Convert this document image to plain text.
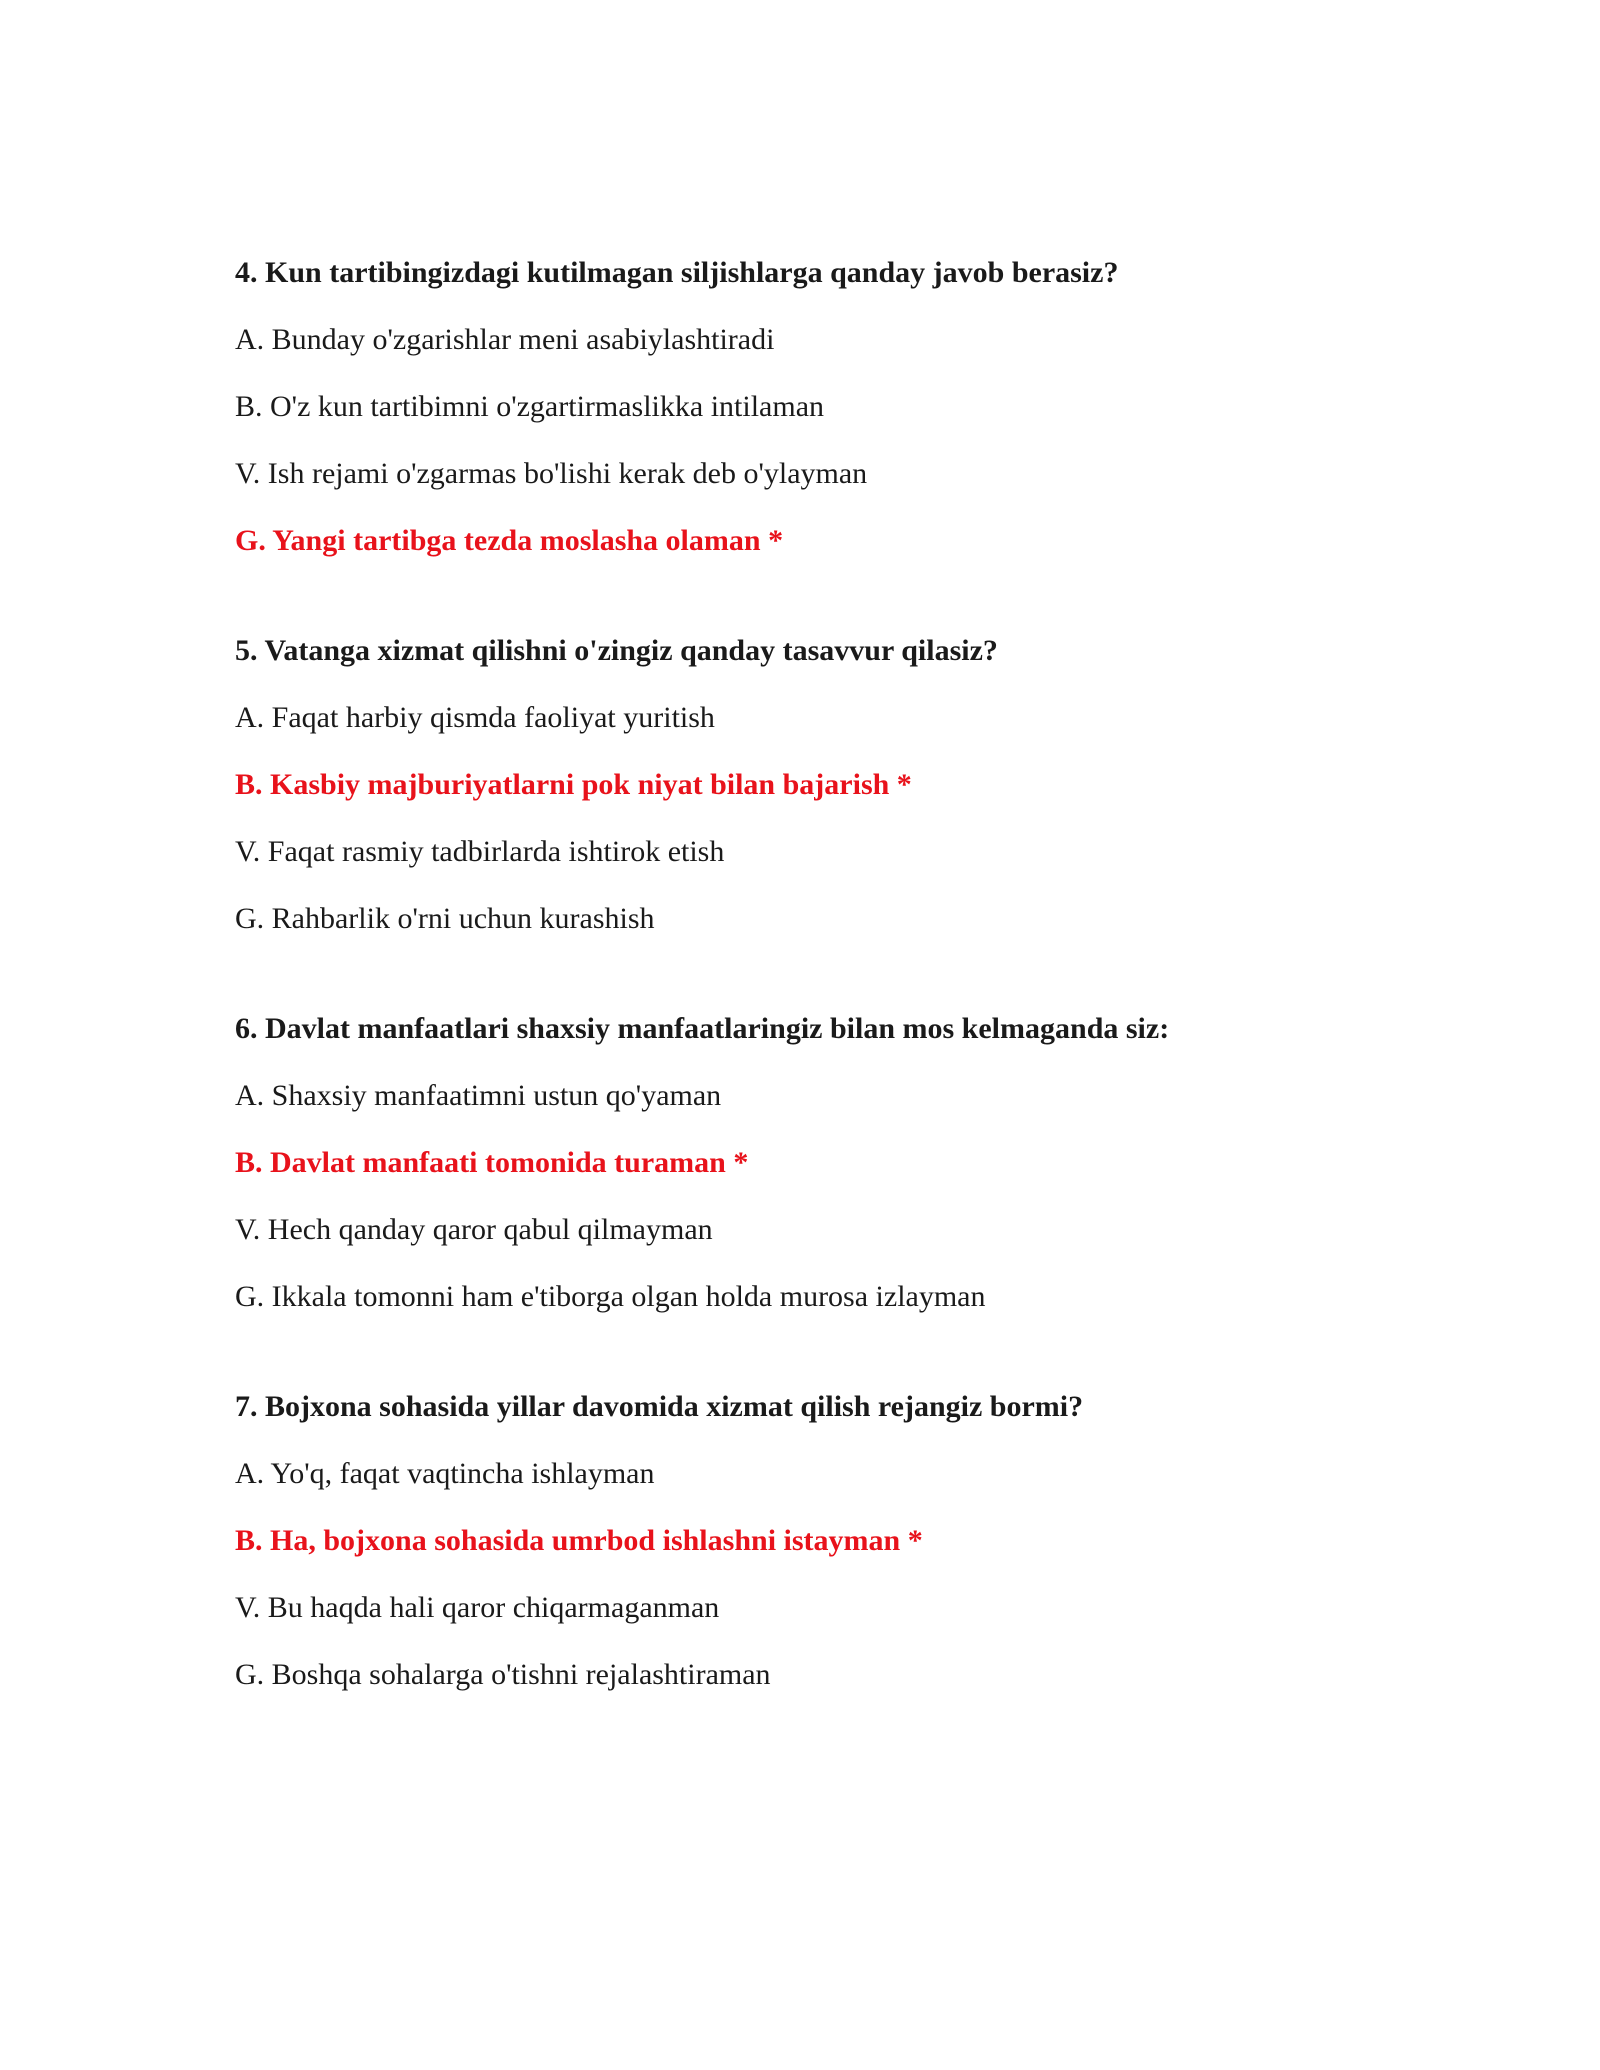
4. Kun tartibingizdagi kutilmagan siljishlarga qanday javob berasiz?

A. Bunday o'zgarishlar meni asabiylashtiradi

B. O'z kun tartibimni o'zgartirmaslikka intilaman

V. Ish rejami o'zgarmas bo'lishi kerak deb o'ylayman

G. Yangi tartibga tezda moslasha olaman *

5. Vatanga xizmat qilishni o'zingiz qanday tasavvur qilasiz?

A. Faqat harbiy qismda faoliyat yuritish

B. Kasbiy majburiyatlarni pok niyat bilan bajarish *

V. Faqat rasmiy tadbirlarda ishtirok etish

G. Rahbarlik o'rni uchun kurashish

6. Davlat manfaatlari shaxsiy manfaatlaringiz bilan mos kelmaganda siz:

A. Shaxsiy manfaatimni ustun qo'yaman

B. Davlat manfaati tomonida turaman *

V. Hech qanday qaror qabul qilmayman

G. Ikkala tomonni ham e'tiborga olgan holda murosa izlayman

7. Bojxona sohasida yillar davomida xizmat qilish rejangiz bormi?

A. Yo'q, faqat vaqtincha ishlayman

B. Ha, bojxona sohasida umrbod ishlashni istayman *

V. Bu haqda hali qaror chiqarmaganman

G. Boshqa sohalarga o'tishni rejalashtiraman
